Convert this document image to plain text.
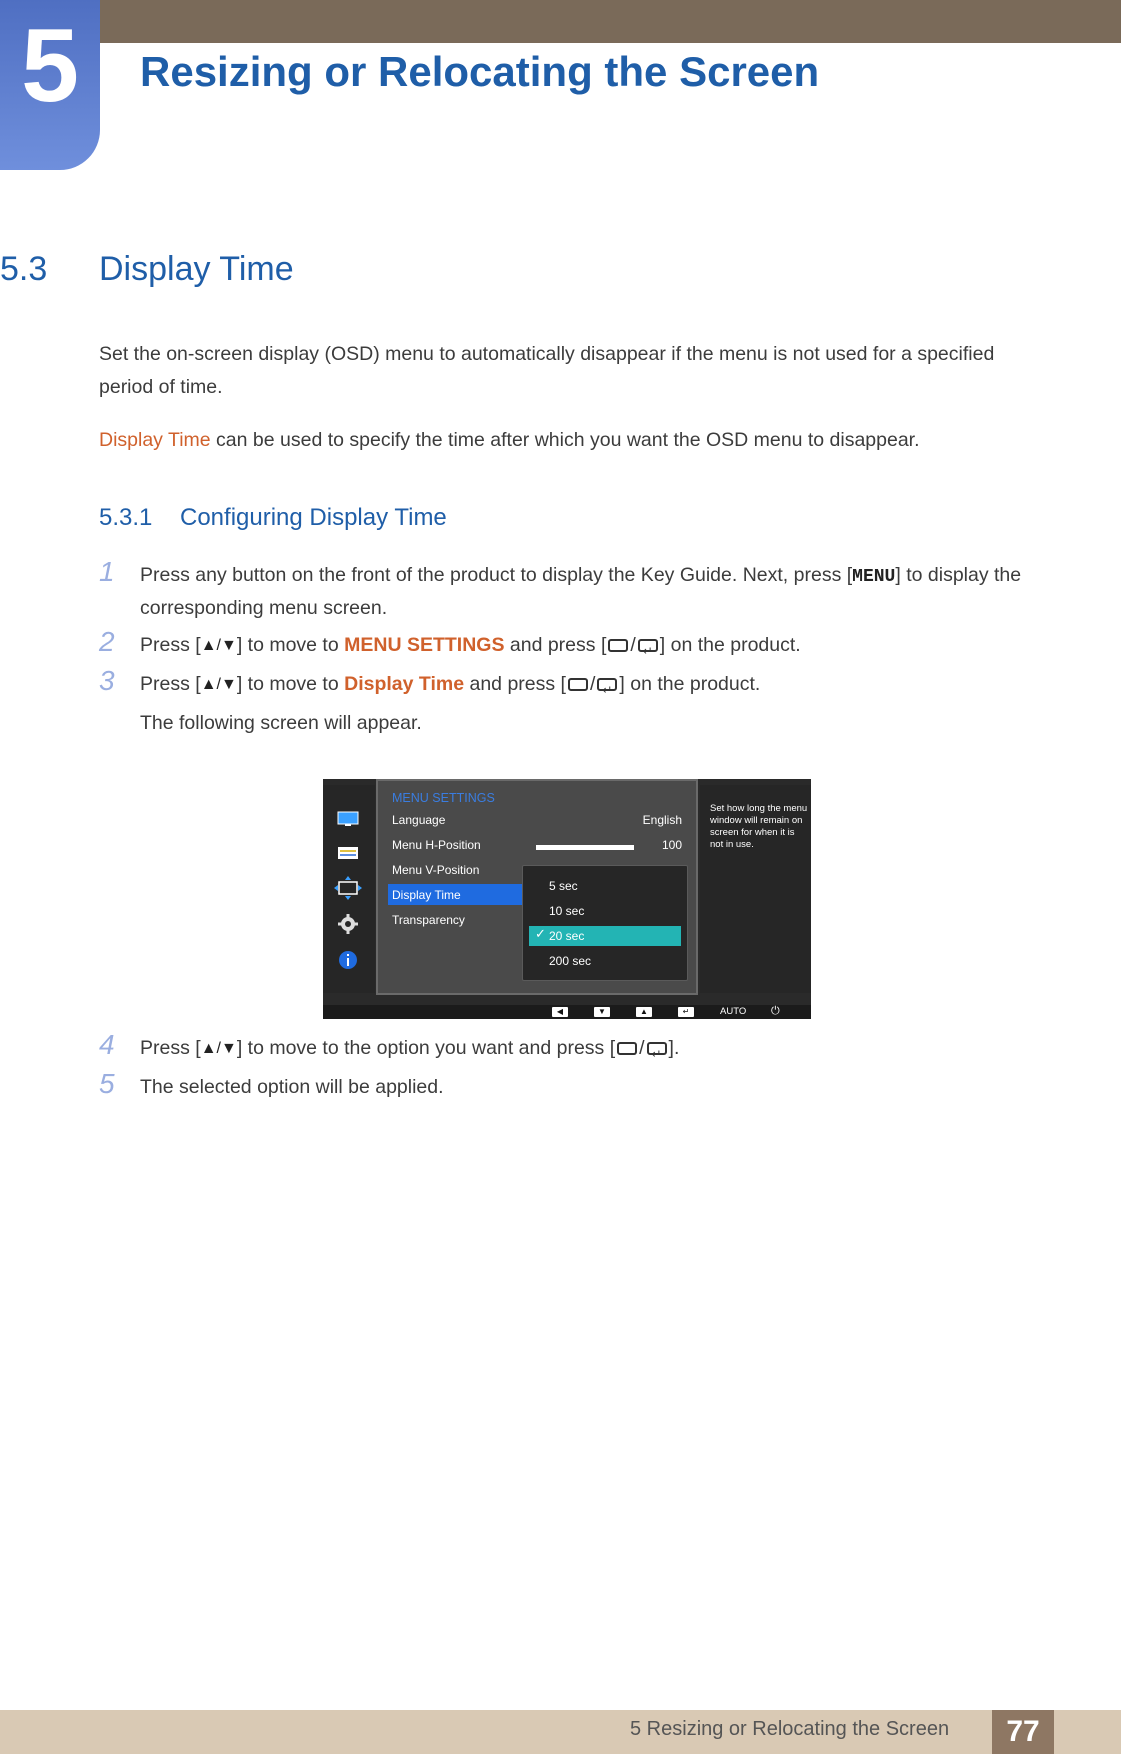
5	Resizing or Relocating the Screen
5.3 Display Time
Set the on-screen display (OSD) menu to automatically disappear if the menu is not used for a specified period of time.
Display Time can be used to specify the time after which you want the OSD menu to disappear.
5.3.1 Configuring Display Time
1 Press any button on the front of the product to display the Key Guide. Next, press [MENU] to display the corresponding menu screen.
2 Press [▲/▼] to move to MENU SETTINGS and press [ / ↵ ] on the product.
3 Press [▲/▼] to move to Display Time and press [ / ↵ ] on the product.
The following screen will appear.
MENU SETTINGS
Language	English
Menu H-Position	100
Menu V-Position
Display Time
Transparency
✓
5 sec
10 sec
20 sec
200 sec
Set how long the menu window will remain on screen for when it is not in use.
◀	▼	▲	↵	AUTO ⏻
4 Press [▲/▼] to move to the option you want and press [ / ↵ ].
5 The selected option will be applied.
5 Resizing or Relocating the Screen	77
